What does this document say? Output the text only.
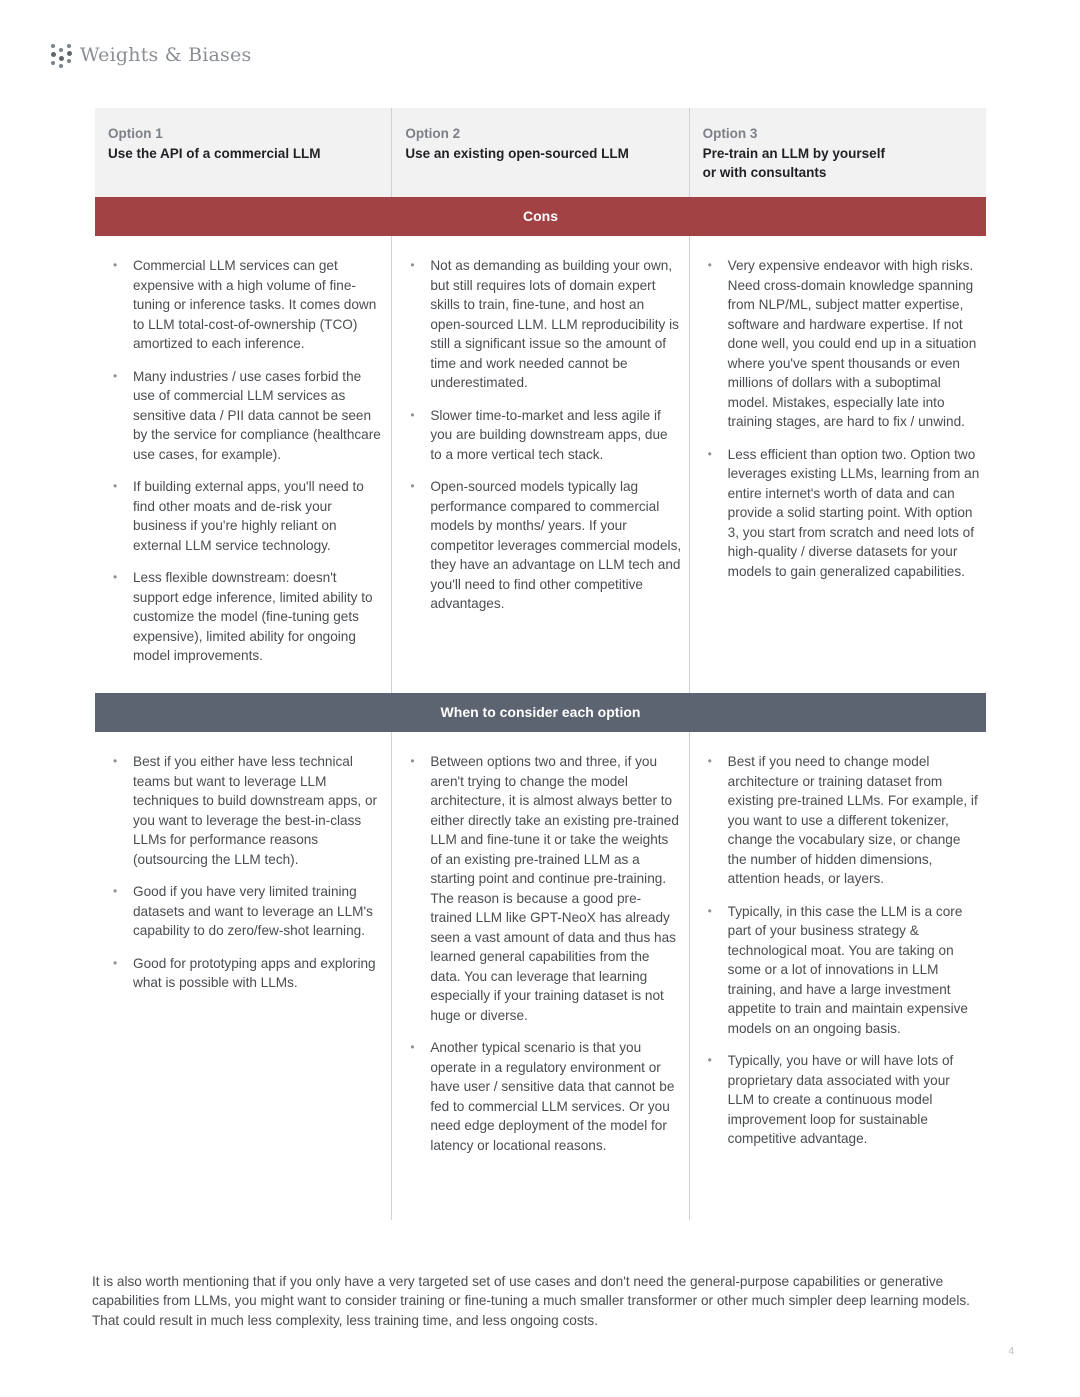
Weights & Biases
Option 1
Use the API of a commercial LLM
Option 2
Use an existing open-sourced LLM
Option 3
Pre-train an LLM by yourself
or with consultants
Cons
• Commercial LLM services can get expensive with a high volume of fine-tuning or inference tasks. It comes down to LLM total-cost-of-ownership (TCO) amortized to each inference.
• Many industries / use cases forbid the use of commercial LLM services as sensitive data / PII data cannot be seen by the service for compliance (healthcare use cases, for example).
• If building external apps, you'll need to find other moats and de-risk your business if you're highly reliant on external LLM service technology.
• Less flexible downstream: doesn't support edge inference, limited ability to customize the model (fine-tuning gets expensive), limited ability for ongoing model improvements.
• Not as demanding as building your own, but still requires lots of domain expert skills to train, fine-tune, and host an open-sourced LLM. LLM reproducibility is still a significant issue so the amount of time and work needed cannot be underestimated.
• Slower time-to-market and less agile if you are building downstream apps, due to a more vertical tech stack.
• Open-sourced models typically lag performance compared to commercial models by months/ years. If your competitor leverages commercial models, they have an advantage on LLM tech and you'll need to find other competitive advantages.
• Very expensive endeavor with high risks. Need cross-domain knowledge spanning from NLP/ML, subject matter expertise, software and hardware expertise. If not done well, you could end up in a situation where you've spent thousands or even millions of dollars with a suboptimal model. Mistakes, especially late into training stages, are hard to fix / unwind.
• Less efficient than option two. Option two leverages existing LLMs, learning from an entire internet's worth of data and can provide a solid starting point. With option 3, you start from scratch and need lots of high-quality / diverse datasets for your models to gain generalized capabilities.
When to consider each option
• Best if you either have less technical teams but want to leverage LLM techniques to build downstream apps, or you want to leverage the best-in-class LLMs for performance reasons (outsourcing the LLM tech).
• Good if you have very limited training datasets and want to leverage an LLM's capability to do zero/few-shot learning.
• Good for prototyping apps and exploring what is possible with LLMs.
• Between options two and three, if you aren't trying to change the model architecture, it is almost always better to either directly take an existing pre-trained LLM and fine-tune it or take the weights of an existing pre-trained LLM as a starting point and continue pre-training. The reason is because a good pre-trained LLM like GPT-NeoX has already seen a vast amount of data and thus has learned general capabilities from the data. You can leverage that learning especially if your training dataset is not huge or diverse.
• Another typical scenario is that you operate in a regulatory environment or have user / sensitive data that cannot be fed to commercial LLM services. Or you need edge deployment of the model for latency or locational reasons.
• Best if you need to change model architecture or training dataset from existing pre-trained LLMs. For example, if you want to use a different tokenizer, change the vocabulary size, or change the number of hidden dimensions, attention heads, or layers.
• Typically, in this case the LLM is a core part of your business strategy & technological moat. You are taking on some or a lot of innovations in LLM training, and have a large investment appetite to train and maintain expensive models on an ongoing basis.
• Typically, you have or will have lots of proprietary data associated with your LLM to create a continuous model improvement loop for sustainable competitive advantage.

It is also worth mentioning that if you only have a very targeted set of use cases and don't need the general-purpose capabilities or generative capabilities from LLMs, you might want to consider training or fine-tuning a much smaller transformer or other much simpler deep learning models. That could result in much less complexity, less training time, and less ongoing costs.

4
